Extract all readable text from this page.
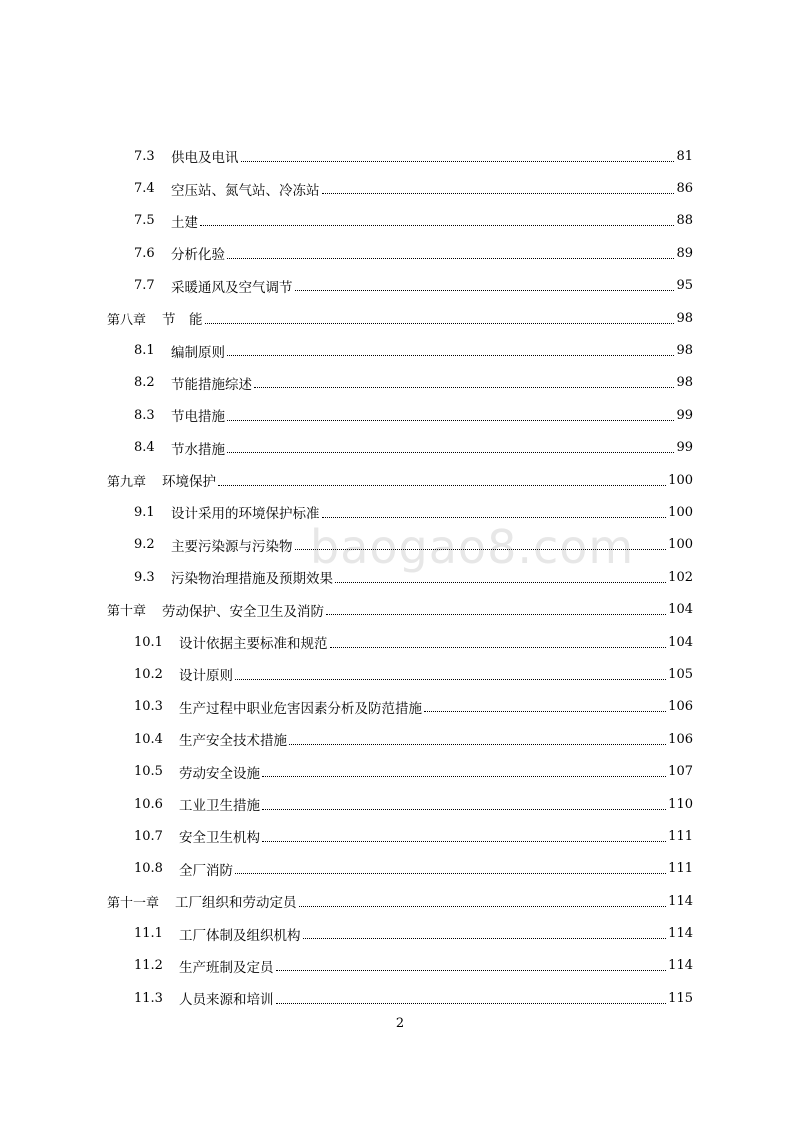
7.3	供电及电讯	81
7.4	空压站、氮气站、冷冻站	86
7.5	土建	88
7.6	分析化验	89
7.7	采暖通风及空气调节	95
第八章 节　能	98
8.1	编制原则	98
8.2	节能措施综述	98
8.3	节电措施	99
8.4	节水措施	99
第九章 环境保护	100
9.1	设计采用的环境保护标准	100
9.2	主要污染源与污染物	100
9.3	污染物治理措施及预期效果	102
第十章 劳动保护、安全卫生及消防	104
10.1	设计依据主要标准和规范	104
10.2	设计原则	105
10.3	生产过程中职业危害因素分析及防范措施	106
10.4	生产安全技术措施	106
10.5	劳动安全设施	107
10.6	工业卫生措施	110
10.7	安全卫生机构	111
10.8	全厂消防	111
第十一章 工厂组织和劳动定员	114
11.1	工厂体制及组织机构	114
11.2	生产班制及定员	114
11.3	人员来源和培训	115
baogao8.com
2
